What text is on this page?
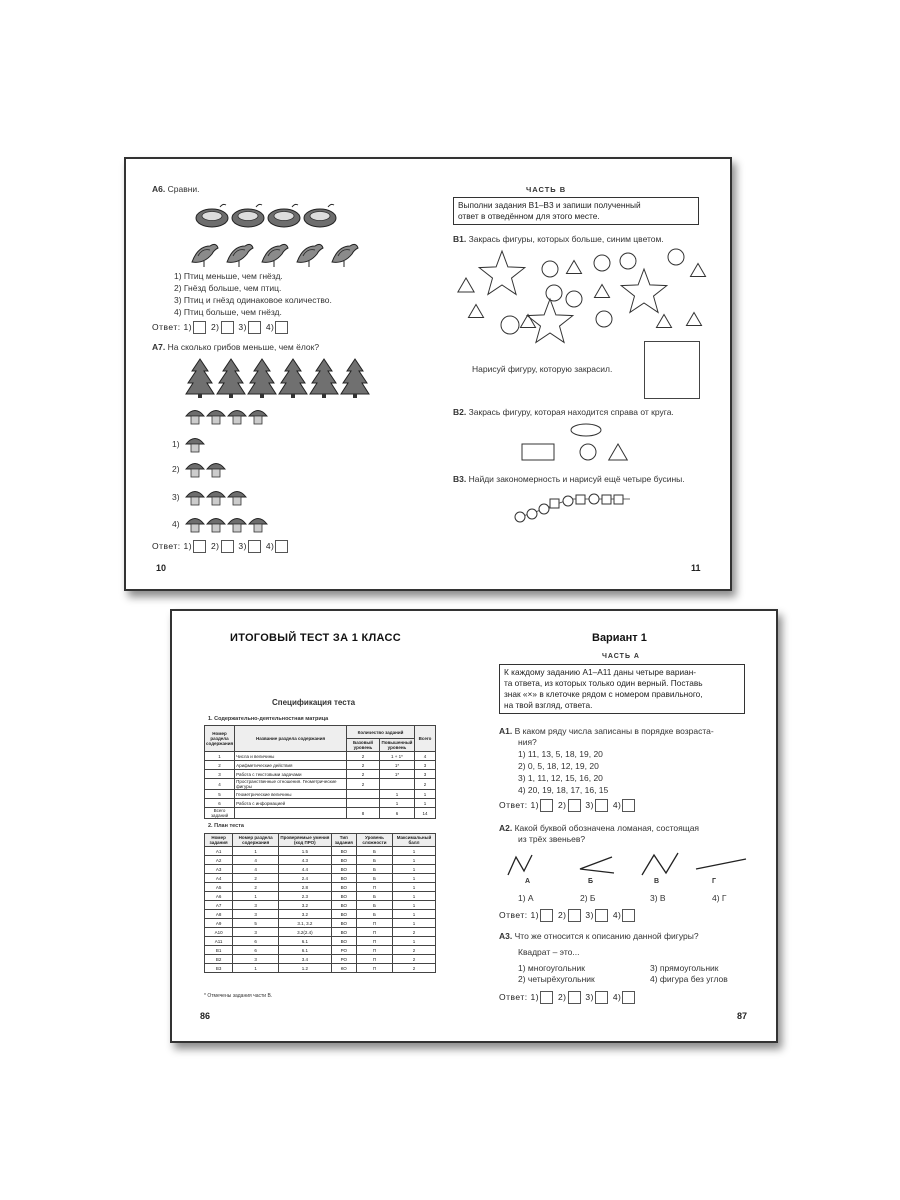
А6. Сравни.
1) Птиц меньше, чем гнёзд.
2) Гнёзд больше, чем птиц.
3) Птиц и гнёзд одинаковое количество.
4) Птиц больше, чем гнёзд.
Ответ: 1) 2) 3) 4)
А7. На сколько грибов меньше, чем ёлок?
1)
2)
3)
4)
Ответ: 1) 2) 3) 4)
10
ЧАСТЬ В
Выполни задания В1–В3 и запиши полученный
ответ в отведённом для этого месте.
В1. Закрась фигуры, которых больше, синим цветом.
Нарисуй фигуру, которую закрасил.
В2. Закрась фигуру, которая находится справа от круга.
В3. Найди закономерность и нарисуй ещё четыре бусины.
11
ИТОГОВЫЙ ТЕСТ ЗА 1 КЛАСС
Спецификация теста
1. Содержательно-деятельностная матрица
Номер раздела содержания	Название раздела содержания	Количество заданий		Всего
		Базовый уровень	Повышенный уровень	
1	Числа и величины	2	1 + 1*	4
2	Арифметические действия	2	1*	3
3	Работа с текстовыми задачами	2	1*	3
4	Пространственные отношения. Геометрические фигуры	2		2
5	Геометрические величины		1	1
6	Работа с информацией		1	1
Всего заданий		8	6	14
2. План теста
Номер задания	Номер раздела содержания	Проверяемые умения (код ПРО)	Тип задания	Уровень сложности	Максимальный балл
А1	1	1.5	ВО	Б	1
А2	4	4.3	ВО	Б	1
А3	4	4.4	ВО	Б	1
А4	2	2.4	ВО	Б	1
А5	2	2.8	ВО	П	1
А6	1	2.3	ВО	Б	1
А7	3	3.2	ВО	Б	1
А8	3	3.2	ВО	Б	1
А9	5	3.1, 3.2	ВО	П	1
А10	3	3.2(2.4)	ВО	П	2
А11	6	6.1	ВО	П	1
В1	6	6.1	РО	П	2
В2	3	3.4	РО	П	2
В3	1	1.2	КО	П	2
* Отмечены задания части В.
86
Вариант 1
ЧАСТЬ А
К каждому заданию А1–А11 даны четыре вариан-
та ответа, из которых только один верный. Поставь
знак «×» в клеточке рядом с номером правильного,
на твой взгляд, ответа.
А1. В каком ряду числа записаны в порядке возраста-
ния?
1) 11, 13, 5, 18, 19, 20
2) 0, 5, 18, 12, 19, 20
3) 1, 11, 12, 15, 16, 20
4) 20, 19, 18, 17, 16, 15
Ответ: 1) 2) 3) 4)
А2. Какой буквой обозначена ломаная, состоящая
из трёх звеньев?
А	Б	В	Г
1) А	2) Б	3) В	4) Г
Ответ: 1) 2) 3) 4)
А3. Что же относится к описанию данной фигуры?
Квадрат – это...
1) многоугольник
2) четырёхугольник
3) прямоугольник
4) фигура без углов
Ответ: 1) 2) 3) 4)
87
